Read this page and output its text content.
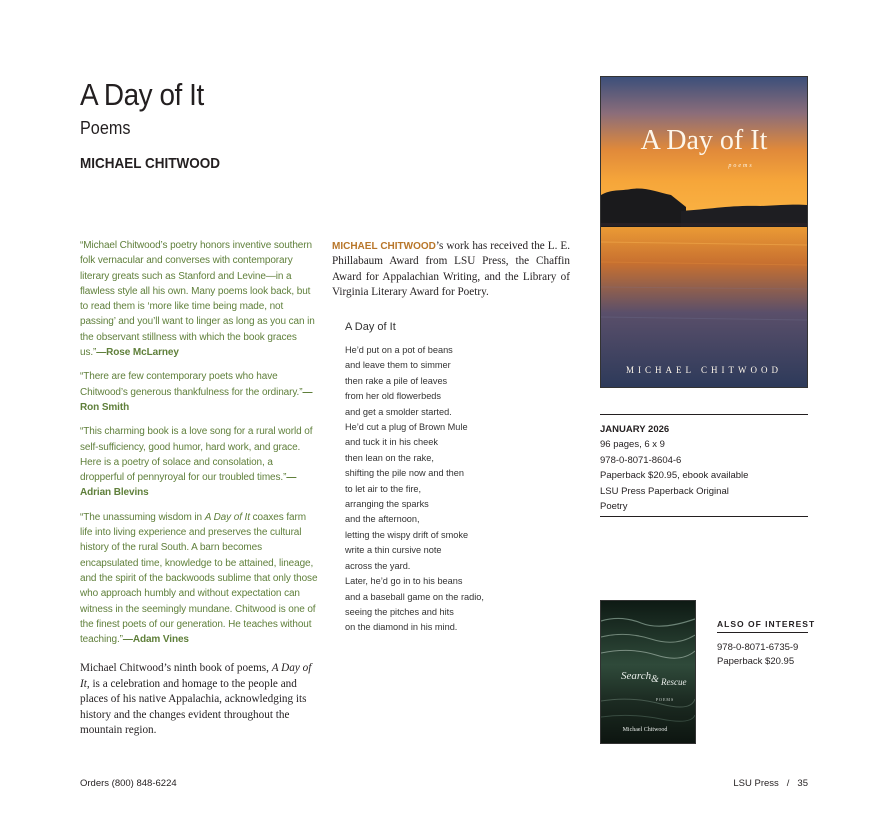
A Day of It
Poems
MICHAEL CHITWOOD

“Michael Chitwood’s poetry honors inventive southern folk vernacular and converses with contemporary literary greats such as Stanford and Levine—in a flawless style all his own. Many poems look back, but to read them is ‘more like time being made, not passing’ and you’ll want to linger as long as you can in the observant stillness with which the book graces us.”—Rose McLarney

“There are few contemporary poets who have Chitwood’s generous thankfulness for the ordinary.”—Ron Smith

“This charming book is a love song for a rural world of self-sufficiency, good humor, hard work, and grace. Here is a poetry of solace and consolation, a dropperful of pennyroyal for our troubled times.”—Adrian Blevins

“The unassuming wisdom in A Day of It coaxes farm life into living experience and preserves the cultural history of the rural South. A barn becomes encapsulated time, knowledge to be attained, lineage, and the spirit of the backwoods sublime that only those who approach humbly and without expectation can witness in the seemingly mundane. Chitwood is one of the finest poets of our generation. He teaches without teaching.”—Adam Vines

Michael Chitwood’s ninth book of poems, A Day of It, is a celebration and homage to the people and places of his native Appalachia, acknowledging its history and the changes evident throughout the mountain region.
MICHAEL CHITWOOD’s work has received the L. E. Phillabaum Award from LSU Press, the Chaffin Award for Appalachian Writing, and the Library of Virginia Literary Award for Poetry.
A Day of It
He’d put on a pot of beans
and leave them to simmer
then rake a pile of leaves
from her old flowerbeds
and get a smolder started.
He’d cut a plug of Brown Mule
and tuck it in his cheek
then lean on the rake,
shifting the pile now and then
to let air to the fire,
arranging the sparks
and the afternoon,
letting the wispy drift of smoke
write a thin cursive note
across the yard.
Later, he’d go in to his beans
and a baseball game on the radio,
seeing the pitches and hits
on the diamond in his mind.
A Day of It
poems
MICHAEL CHITWOOD
JANUARY 2026
96 pages, 6 x 9
978-0-8071-8604-6
Paperback $20.95, ebook available
LSU Press Paperback Original
Poetry
Search & Rescue
POEMS
Michael Chitwood
ALSO OF INTEREST
978-0-8071-6735-9
Paperback $20.95
Orders (800) 848-6224	LSU Press / 35
